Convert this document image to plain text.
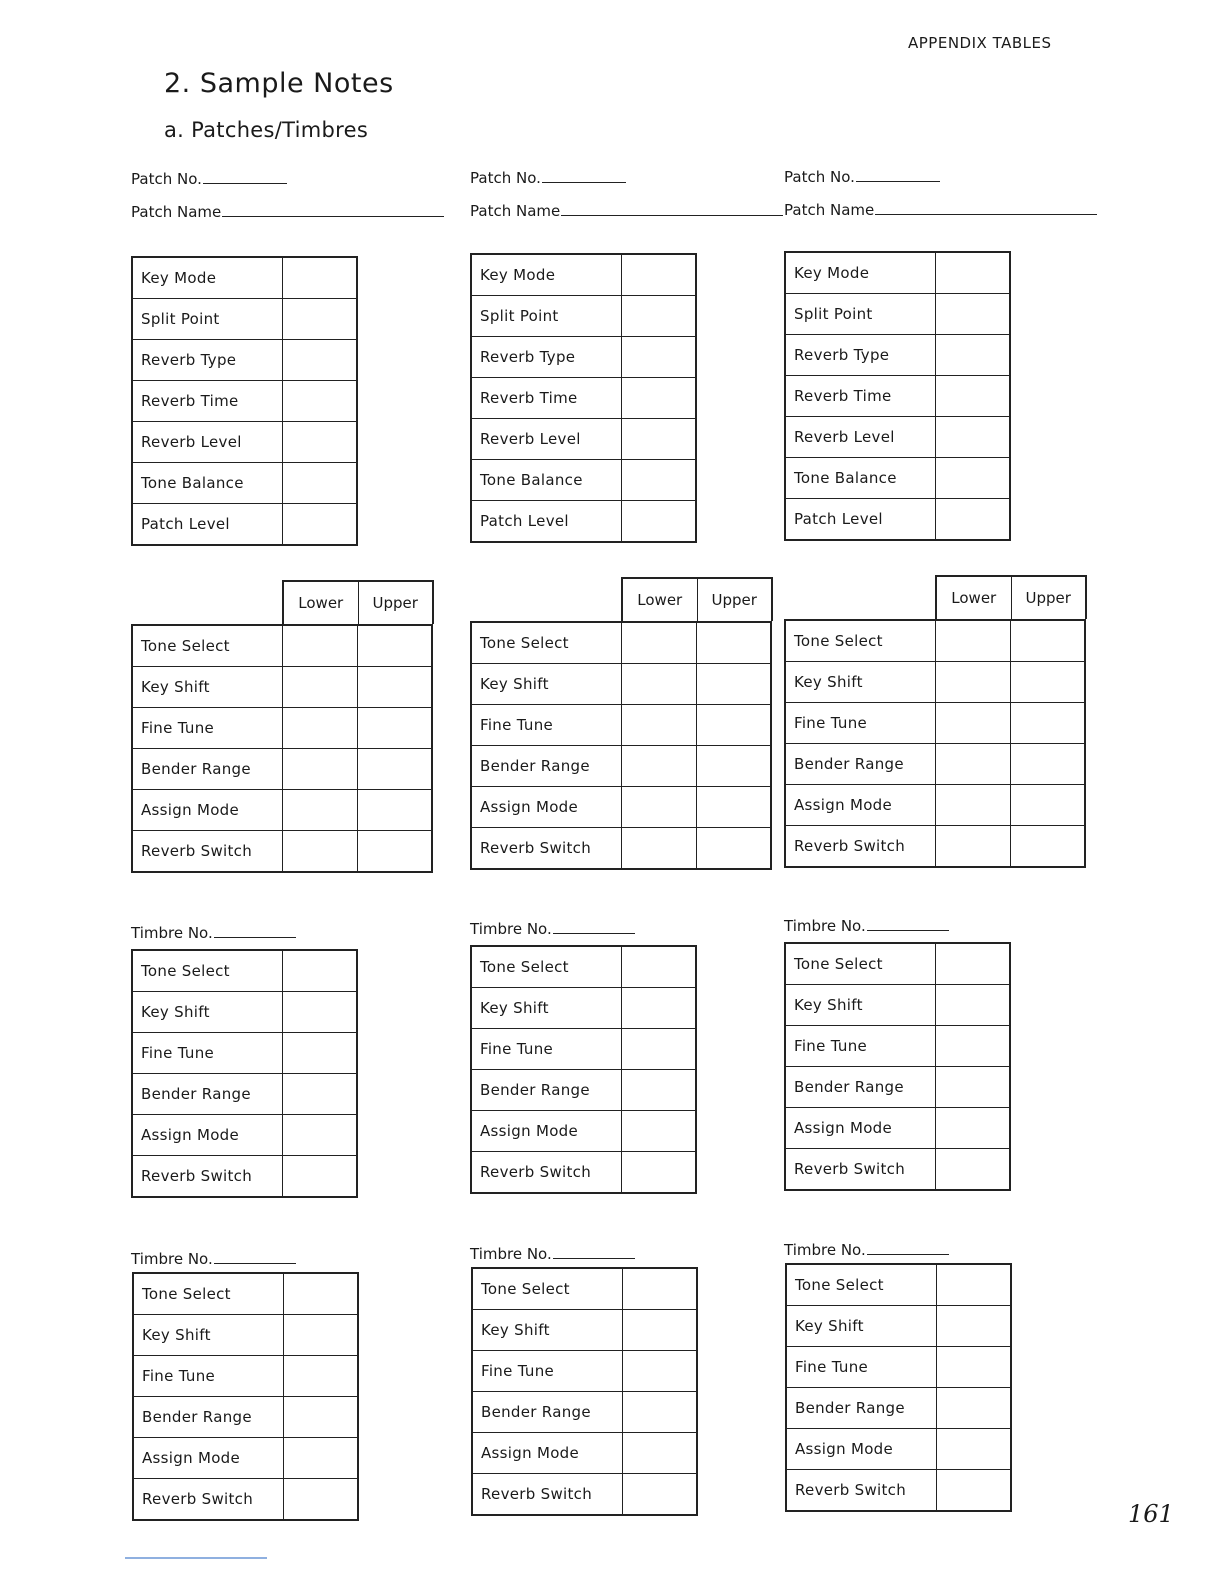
APPENDIX TABLES
2. Sample Notes
a. Patches/Timbres
Patch No.
Patch Name
Key Mode	
Split Point	
Reverb Type	
Reverb Time	
Reverb Level	
Tone Balance	
Patch Level	
Lower	Upper
Tone Select		
Key Shift		
Fine Tune		
Bender Range		
Assign Mode		
Reverb Switch		
Timbre No.
Tone Select	
Key Shift	
Fine Tune	
Bender Range	
Assign Mode	
Reverb Switch	
Timbre No.
Tone Select	
Key Shift	
Fine Tune	
Bender Range	
Assign Mode	
Reverb Switch	
Patch No.
Patch Name
Key Mode	
Split Point	
Reverb Type	
Reverb Time	
Reverb Level	
Tone Balance	
Patch Level	
Lower	Upper
Tone Select		
Key Shift		
Fine Tune		
Bender Range		
Assign Mode		
Reverb Switch		
Timbre No.
Tone Select	
Key Shift	
Fine Tune	
Bender Range	
Assign Mode	
Reverb Switch	
Timbre No.
Tone Select	
Key Shift	
Fine Tune	
Bender Range	
Assign Mode	
Reverb Switch	
Patch No.
Patch Name
Key Mode	
Split Point	
Reverb Type	
Reverb Time	
Reverb Level	
Tone Balance	
Patch Level	
Lower	Upper
Tone Select		
Key Shift		
Fine Tune		
Bender Range		
Assign Mode		
Reverb Switch		
Timbre No.
Tone Select	
Key Shift	
Fine Tune	
Bender Range	
Assign Mode	
Reverb Switch	
Timbre No.
Tone Select	
Key Shift	
Fine Tune	
Bender Range	
Assign Mode	
Reverb Switch	
161
